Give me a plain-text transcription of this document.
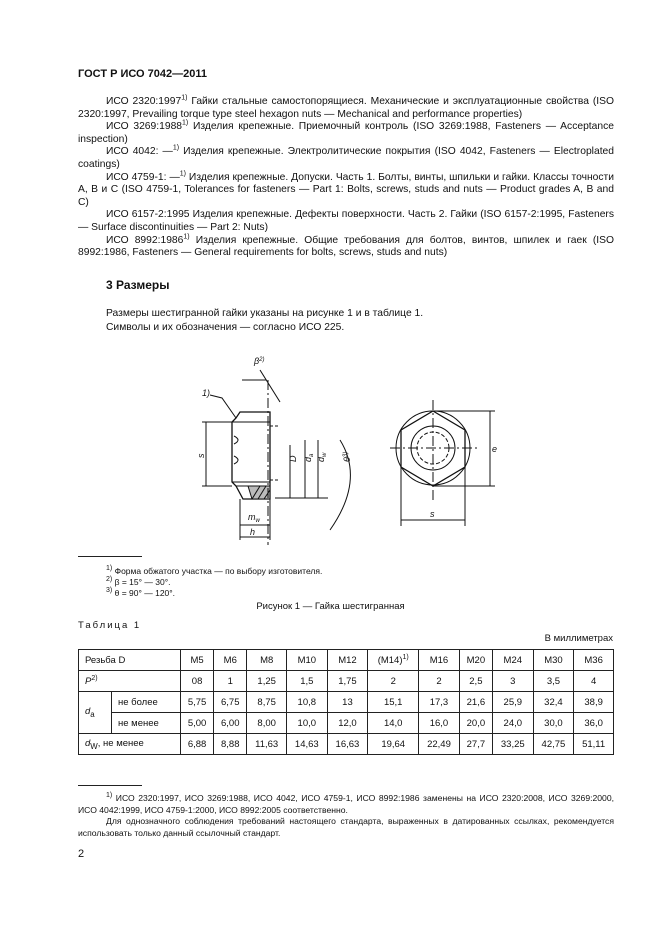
ГОСТ Р ИСО 7042—2011

ИСО 2320:1997$^{1)}$ Гайки стальные самостопорящиеся. Механические и эксплуатационные свойства (ISO 2320:1997, Prevailing torque type steel hexagon nuts — Mechanical and performance properties)

ИСО 3269:1988$^{1)}$ Изделия крепежные. Приемочный контроль (ISO 3269:1988, Fasteners — Acceptance inspection)

ИСО 4042: —$^{1)}$ Изделия крепежные. Электролитические покрытия (ISO 4042, Fasteners — Electroplated coatings)

ИСО 4759-1: —$^{1)}$ Изделия крепежные. Допуски. Часть 1. Болты, винты, шпильки и гайки. Классы точности A, B и C (ISO 4759-1, Tolerances for fasteners — Part 1: Bolts, screws, studs and nuts — Product grades A, B and C)

ИСО 6157-2:1995 Изделия крепежные. Дефекты поверхности. Часть 2. Гайки (ISO 6157-2:1995, Fasteners — Surface discontinuities — Part 2: Nuts)

ИСО 8992:1986$^{1)}$ Изделия крепежные. Общие требования для болтов, винтов, шпилек и гаек (ISO 8992:1986, Fasteners — General requirements for bolts, screws, studs and nuts)

3 Размеры
Размеры шестигранной гайки указаны на рисунке 1 и в таблице 1.
Символы и их обозначения — согласно ИСО 225.
1)
$\beta^{2)}$
$m_w$
h
s
e
$\theta^{3)}$
D $d_a$
$d_w$
s
$^{1)}$ Форма обжатого участка — по выбору изготовителя.
$^{2)}$ β = 15° — 30°.
$^{3)}$ θ = 90° — 120°.
Рисунок 1 — Гайка шестигранная
Таблица 1
В миллиметрах
Резьба D		M5	M6	M8	M10	M12	$(M14)^{1)}$	M16	M20	M24	M30	M36
$P^{2)}$		08	1	1,25	1,5	1,75	2	2	2,5	3	3,5	4
$d_a$	не более	5,75	6,75	8,75	10,8	13	15,1	17,3	21,6	25,9	32,4	38,9
	не менее	5,00	6,00	8,00	10,0	12,0	14,0	16,0	20,0	24,0	30,0	36,0
$d_W$, не менее		6,88	8,88	11,63	14,63	16,63	19,64	22,49	27,7	33,25	42,75	51,11

$^{1)}$ ИСО 2320:1997, ИСО 3269:1988, ИСО 4042, ИСО 4759-1, ИСО 8992:1986 заменены на ИСО 2320:2008, ИСО 3269:2000, ИСО 4042:1999, ИСО 4759-1:2000, ИСО 8992:2005 соответственно.

Для однозначного соблюдения требований настоящего стандарта, выраженных в датированных ссылках, рекомендуется использовать только данный ссылочный стандарт.

2
